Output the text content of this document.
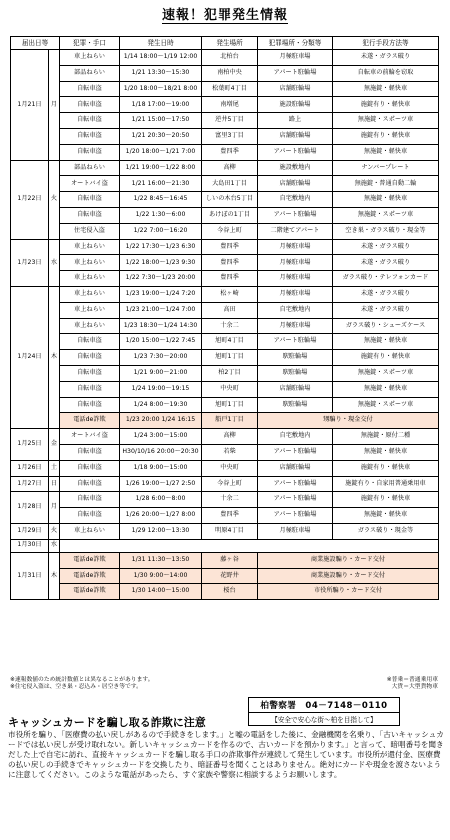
速報！犯罪発生情報
届出日等		犯罪・手口	発生日時	発生場所	犯罪場所・分類等	犯行手段方法等
1月21日	月	車上ねらい	1/14 18:00～1/19 12:00	北柏台	月極駐車場	未遂・ガラス破り
		部品ねらい	1/21 13:30～15:30	南柏中央	アパート駐輪場	自転車の前輪を窃取
		自転車盗	1/20 18:00～18/21 8:00	松葉町4丁目	店舗駐輪場	無施錠・軽快車
		自転車盗	1/18 17:00～19:00	南増尾	施設駐輪場	施錠有り・軽快車
		自転車盗	1/21 15:00～17:50	逆井5丁目	路上	無施錠・スポーツ車
		自転車盗	1/21 20:30～20:50	富里3丁目	店舗駐輪場	施錠有り・軽快車
		自転車盗	1/20 18:00～1/21 7:00	豊四季	アパート駐輪場	無施錠・軽快車
1月22日	火	部品ねらい	1/21 19:00～1/22 8:00	高柳	施設敷地内	ナンバープレート
		オートバイ盗	1/21 16:00～21:30	大島田1丁目	店舗駐輪場	無施錠・普通自動二輪
		自転車盗	1/22 8:45～16:45	しいの木台5丁目	自宅敷地内	無施錠・軽快車
		自転車盗	1/22 1:30～6:00	あけぼの1丁目	アパート駐輪場	無施錠・スポーツ車
		住宅侵入盗	1/22 7:00～16:20	今谷上町	二階建てアパート	空き巣・ガラス破り・現金等
1月23日	水	車上ねらい	1/22 17:30～1/23 6:30	豊四季	月極駐車場	未遂・ガラス破り
		車上ねらい	1/22 18:00～1/23 9:30	豊四季	月極駐車場	未遂・ガラス破り
		車上ねらい	1/22 7:30～1/23 20:00	豊四季	月極駐車場	ガラス破り・テレフォンカード
1月24日	木	車上ねらい	1/23 19:00～1/24 7:20	松ヶ崎	月極駐車場	未遂・ガラス破り
		車上ねらい	1/23 21:00～1/24 7:00	高田	自宅敷地内	未遂・ガラス破り
		車上ねらい	1/23 18:30～1/24 14:30	十余二	月極駐車場	ガラス破り・シューズケース
		自転車盗	1/20 15:00～1/22 7:45	旭町4丁目	アパート駐輪場	無施錠・軽快車
		自転車盗	1/23 7:30～20:00	旭町1丁目	駅駐輪場	施錠有り・軽快車
		自転車盗	1/21 9:00～21:00	柏2丁目	駅駐輪場	無施錠・スポーツ車
		自転車盗	1/24 19:00～19:15	中央町	店舗駐輪場	無施錠・軽快車
		自転車盗	1/24 8:00～19:30	旭町1丁目	駅駐輪場	無施錠・スポーツ車
		電話de詐欺	1/23 20:00 1/24 16:15	船戸1丁目	甥騙り・現金交付	
1月25日	金	オートバイ盗	1/24 3:00～15:00	高柳	自宅敷地内	無施錠・原付二種
		自転車盗	H30/10/16 20:00～20:30	若柴	アパート駐輪場	無施錠・軽快車
1月26日	土	自転車盗	1/18 9:00～15:00	中央町	店舗駐輪場	施錠有り・軽快車
1月27日	日	自転車盗	1/26 19:00～1/27 2:50	今谷上町	アパート駐輪場	施錠有り・自家用普通乗用車
1月28日	月	自転車盗	1/28 6:00～8:00	十余二	アパート駐輪場	施錠有り・軽快車
		自転車盗	1/26 20:00～1/27 8:00	豊四季	アパート駐輪場	無施錠・軽快車
1月29日	火	車上ねらい	1/29 12:00～13:30	明原4丁目	月極駐車場	ガラス破り・現金等
1月30日	水					
1月31日	木	電話de詐欺	1/31 11:30～13:50	藤ヶ谷	商業施設騙り・カード交付	
		電話de詐欺	1/30 9:00～14:00	花野井	商業施設騙り・カード交付	
		電話de詐欺	1/30 14:00～15:00	桜台	市役所騙り・カード交付	
※速報数値のため統計数値とは異なることがあります。
※住宅侵入盗は、空き巣・忍込み・居空き等です。
※普乗＝普通乗用車
大貨＝大型貨物車
柏警察署　04－7148－0110
【安全で安心な街～柏を目指して】
キャッシュカードを騙し取る詐欺に注意
市役所を騙り、「医療費の払い戻しがあるので手続きをします。」と嘘の電話をした後に、金融機関を名乗り、「古いキャッシュカードでは払い戻しが受け取れない。新しいキャッシュカードを作るので、古いカードを預かります。」と言って、暗唱番号を聞きだした上で自宅に訪れ、直接キャッシュカードを騙し取る手口の詐欺事件が連続して発生しています。市役所が還付金、医療費の払い戻しの手続きでキャッシュカードを交換したり、暗証番号を聞くことはありません。絶対にカードや現金を渡さないように注意してください。このような電話があったら、すぐ家族や警察に相談するようお願いします。
